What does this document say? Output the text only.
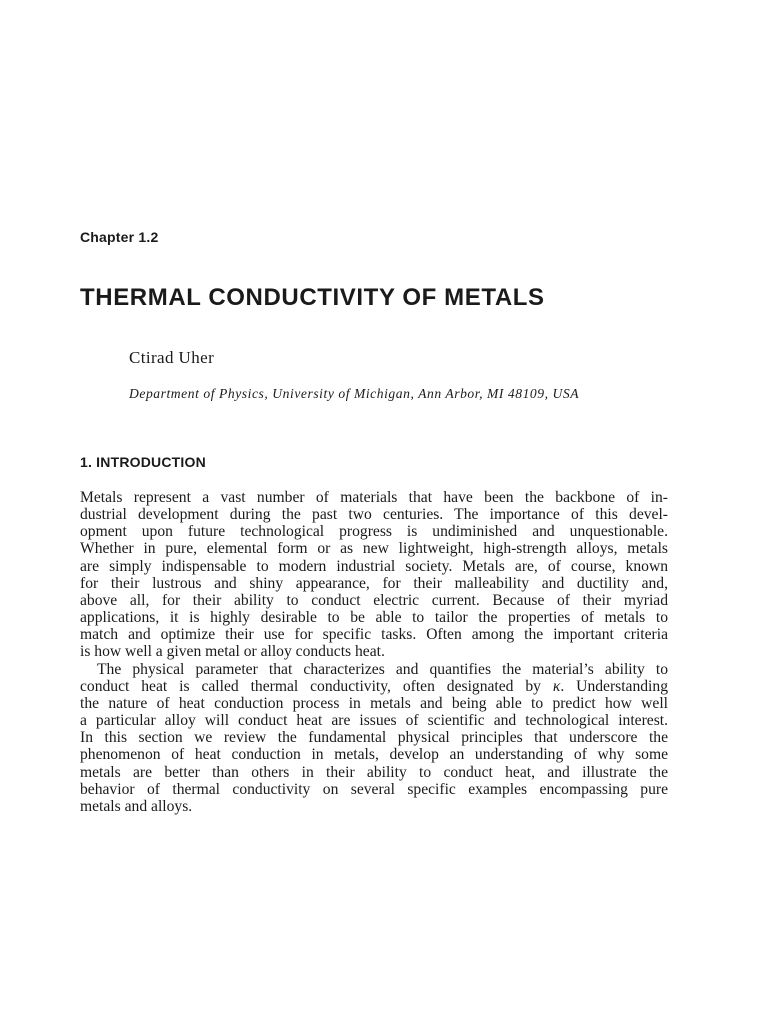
Chapter 1.2
THERMAL CONDUCTIVITY OF METALS
Ctirad Uher
Department of Physics, University of Michigan, Ann Arbor, MI 48109, USA
1. INTRODUCTION

Metals represent a vast number of materials that have been the backbone of in-
dustrial development during the past two centuries. The importance of this devel-
opment upon future technological progress is undiminished and unquestionable.
Whether in pure, elemental form or as new lightweight, high-strength alloys, metals
are simply indispensable to modern industrial society. Metals are, of course, known
for their lustrous and shiny appearance, for their malleability and ductility and,
above all, for their ability to conduct electric current. Because of their myriad
applications, it is highly desirable to be able to tailor the properties of metals to
match and optimize their use for specific tasks. Often among the important criteria
is how well a given metal or alloy conducts heat.

The physical parameter that characterizes and quantifies the material’s ability to
conduct heat is called thermal conductivity, often designated by κ. Understanding
the nature of heat conduction process in metals and being able to predict how well
a particular alloy will conduct heat are issues of scientific and technological interest.
In this section we review the fundamental physical principles that underscore the
phenomenon of heat conduction in metals, develop an understanding of why some
metals are better than others in their ability to conduct heat, and illustrate the
behavior of thermal conductivity on several specific examples encompassing pure
metals and alloys.
